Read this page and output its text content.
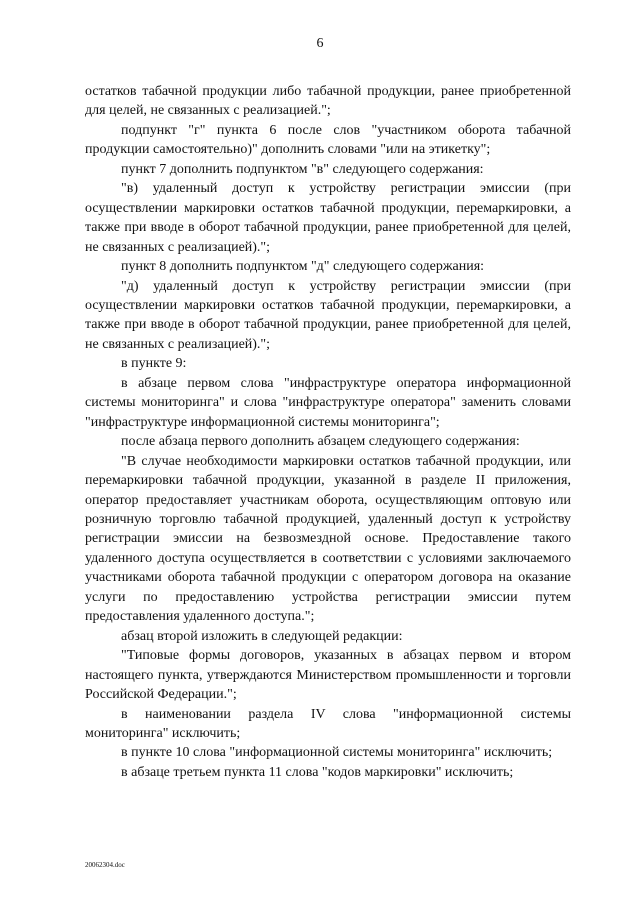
6

остатков табачной продукции либо табачной продукции, ранее приобретенной для целей, не связанных с реализацией.";

подпункт "г" пункта 6 после слов "участником оборота табачной продукции самостоятельно)" дополнить словами "или на этикетку";

пункт 7 дополнить подпунктом "в" следующего содержания:

"в) удаленный доступ к устройству регистрации эмиссии (при осуществлении маркировки остатков табачной продукции, перемаркировки, а также при вводе в оборот табачной продукции, ранее приобретенной для целей, не связанных с реализацией).";

пункт 8 дополнить подпунктом "д" следующего содержания:

"д) удаленный доступ к устройству регистрации эмиссии (при осуществлении маркировки остатков табачной продукции, перемаркировки, а также при вводе в оборот табачной продукции, ранее приобретенной для целей, не связанных с реализацией).";

в пункте 9:

в абзаце первом слова "инфраструктуре оператора информационной системы мониторинга" и слова "инфраструктуре оператора" заменить словами "инфраструктуре информационной системы мониторинга";

после абзаца первого дополнить абзацем следующего содержания:

"В случае необходимости маркировки остатков табачной продукции, или перемаркировки табачной продукции, указанной в разделе II приложения, оператор предоставляет участникам оборота, осуществляющим оптовую или розничную торговлю табачной продукцией, удаленный доступ к устройству регистрации эмиссии на безвозмездной основе. Предоставление такого удаленного доступа осуществляется в соответствии с условиями заключаемого участниками оборота табачной продукции с оператором договора на оказание услуги по предоставлению устройства регистрации эмиссии путем предоставления удаленного доступа.";

абзац второй изложить в следующей редакции:

"Типовые формы договоров, указанных в абзацах первом и втором настоящего пункта, утверждаются Министерством промышленности и торговли Российской Федерации.";

в наименовании раздела IV слова "информационной системы мониторинга" исключить;

в пункте 10 слова "информационной системы мониторинга" исключить;

в абзаце третьем пункта 11 слова "кодов маркировки" исключить;

20062304.doc
